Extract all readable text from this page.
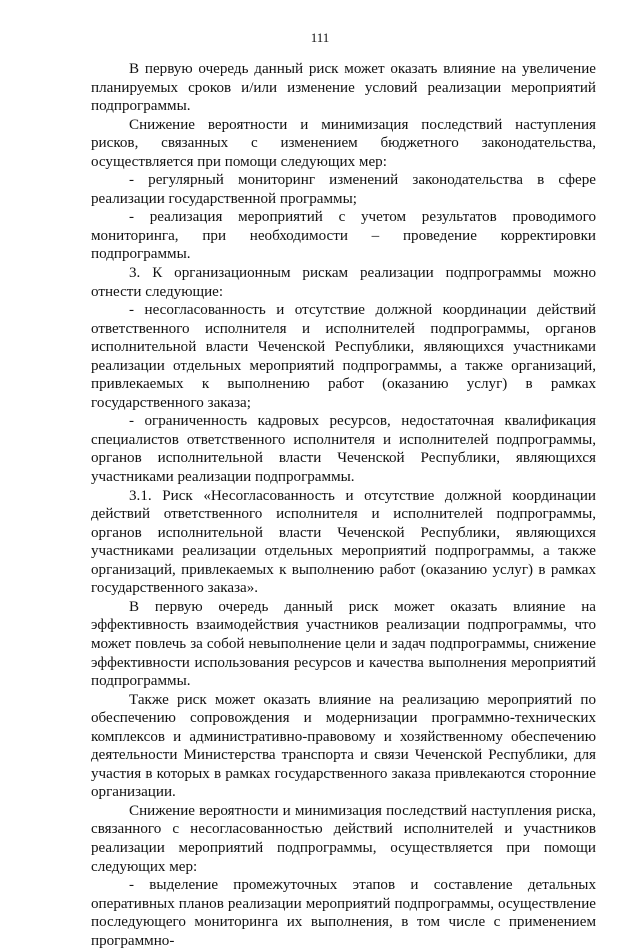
111

В первую очередь данный риск может оказать влияние на увеличение планируемых сроков и/или изменение условий реализации мероприятий подпрограммы.

Снижение вероятности и минимизация последствий наступления рисков, связанных с изменением бюджетного законодательства, осуществляется при помощи следующих мер:

- регулярный мониторинг изменений законодательства в сфере реализации государственной программы;

- реализация мероприятий с учетом результатов проводимого мониторинга, при необходимости – проведение корректировки подпрограммы.

3. К организационным рискам реализации подпрограммы можно отнести следующие:

- несогласованность и отсутствие должной координации действий ответственного исполнителя и исполнителей подпрограммы, органов исполнительной власти Чеченской Республики, являющихся участниками реализации отдельных мероприятий подпрограммы, а также организаций, привлекаемых к выполнению работ (оказанию услуг) в рамках государственного заказа;

- ограниченность кадровых ресурсов, недостаточная квалификация специалистов ответственного исполнителя и исполнителей подпрограммы, органов исполнительной власти Чеченской Республики, являющихся участниками реализации подпрограммы.

3.1. Риск «Несогласованность и отсутствие должной координации действий ответственного исполнителя и исполнителей подпрограммы, органов исполнительной власти Чеченской Республики, являющихся участниками реализации отдельных мероприятий подпрограммы, а также организаций, привлекаемых к выполнению работ (оказанию услуг) в рамках государственного заказа».

В первую очередь данный риск может оказать влияние на эффективность взаимодействия участников реализации подпрограммы, что может повлечь за собой невыполнение цели и задач подпрограммы, снижение эффективности использования ресурсов и качества выполнения мероприятий подпрограммы.

Также риск может оказать влияние на реализацию мероприятий по обеспечению сопровождения и модернизации программно-технических комплексов и административно-правовому и хозяйственному обеспечению деятельности Министерства транспорта и связи Чеченской Республики, для участия в которых в рамках государственного заказа привлекаются сторонние организации.

Снижение вероятности и минимизация последствий наступления риска, связанного с несогласованностью действий исполнителей и участников реализации мероприятий подпрограммы, осуществляется при помощи следующих мер:

- выделение промежуточных этапов и составление детальных оперативных планов реализации мероприятий подпрограммы, осуществление последующего мониторинга их выполнения, в том числе с применением программно-
